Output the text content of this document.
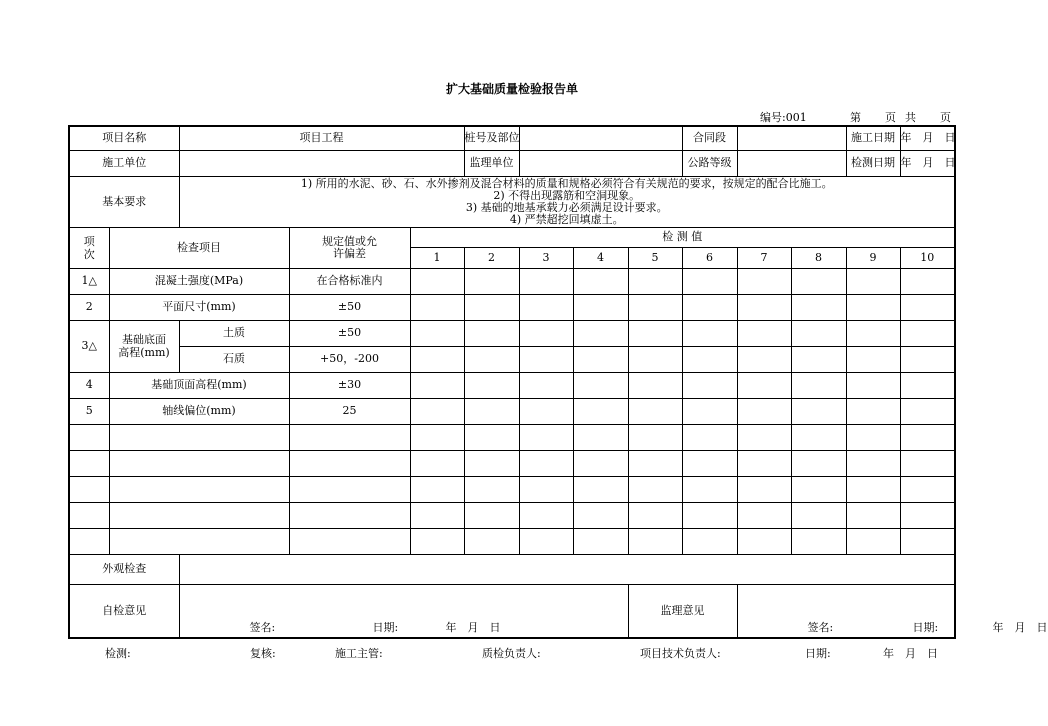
扩大基础质量检验报告单
编号:001	第 页 共 页
项目名称		项目工程			桩号及部位				合同段			施工日期	年　月　日
施工单位					监理单位				公路等级			检测日期	年　月　日
基本要求		1) 所用的水泥、砂、石、水外掺剂及混合材料的质量和规格必须符合有关规范的要求，按规定的配合比施工。
2) 不得出现露筋和空洞现象。
3) 基础的地基承载力必须满足设计要求。
4) 严禁超挖回填虚土。											

项次	检查项目		规定值或允许偏差	检 测 值									
				1	2	3	4	5	6	7	8	9	10
1△	混凝土强度(MPa)		在合格标准内										
2	平面尺寸(mm)		±50										
3△	基础底面高程(mm)	土质	±50										
		石质	+50，-200										
4	基础顶面高程(mm)		±30										
5	轴线偏位(mm)		25										

外观检查													
自检意见		签名: 日期: 年　月　日						监理意见		签名: 日期: 年　月　日			
检测:	复核:	施工主管:	质检负责人:	项目技术负责人:	日期:	年　月　日
